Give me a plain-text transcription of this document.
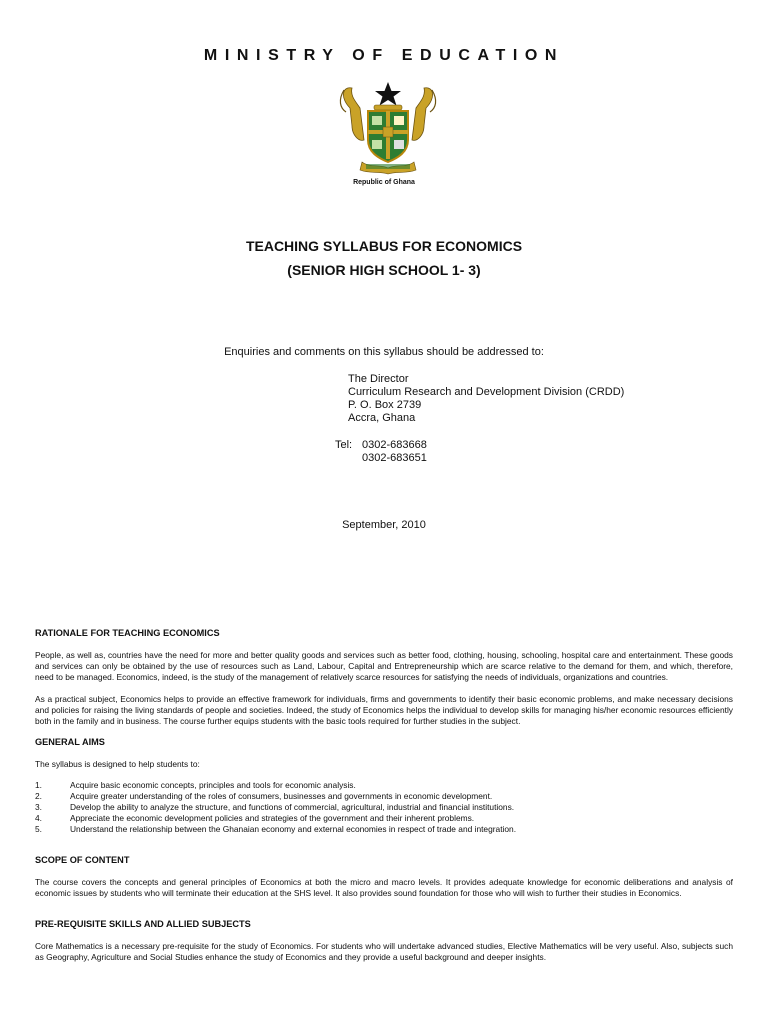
MINISTRY OF EDUCATION
Republic of Ghana
TEACHING SYLLABUS FOR ECONOMICS
(SENIOR HIGH SCHOOL 1- 3)
Enquiries and comments on this syllabus should be addressed to:
The Director
Curriculum Research and Development Division (CRDD)
P. O. Box 2739
Accra, Ghana
Tel: 0302-683668
0302-683651
September, 2010

RATIONALE FOR TEACHING ECONOMICS

People, as well as, countries have the need for more and better quality goods and services such as better food, clothing, housing, schooling, hospital care and entertainment. These goods and services can only be obtained by the use of resources such as Land, Labour, Capital and Entrepreneurship which are scarce relative to the demand for them, and which, therefore, need to be managed. Economics, indeed, is the study of the management of relatively scarce resources for satisfying the needs of individuals, organizations and countries.

As a practical subject, Economics helps to provide an effective framework for individuals, firms and governments to identify their basic economic problems, and make necessary decisions and policies for raising the living standards of people and societies. Indeed, the study of Economics helps the individual to develop skills for managing his/her economic resources efficiently both in the family and in business. The course further equips students with the basic tools required for further studies in the subject.

GENERAL AIMS

The syllabus is designed to help students to:

1.	Acquire basic economic concepts, principles and tools for economic analysis.
2.	Acquire greater understanding of the roles of consumers, businesses and governments in economic development.
3.	Develop the ability to analyze the structure, and functions of commercial, agricultural, industrial and financial institutions.
4.	Appreciate the economic development policies and strategies of the government and their inherent problems.
5.	Understand the relationship between the Ghanaian economy and external economies in respect of trade and integration.

SCOPE OF CONTENT

The course covers the concepts and general principles of Economics at both the micro and macro levels. It provides adequate knowledge for economic deliberations and analysis of economic issues by students who will terminate their education at the SHS level. It also provides sound foundation for those who will wish to further their studies in Economics.

PRE-REQUISITE SKILLS AND ALLIED SUBJECTS

Core Mathematics is a necessary pre-requisite for the study of Economics. For students who will undertake advanced studies, Elective Mathematics will be very useful. Also, subjects such as Geography, Agriculture and Social Studies enhance the study of Economics and they provide a useful background and deeper insights.
